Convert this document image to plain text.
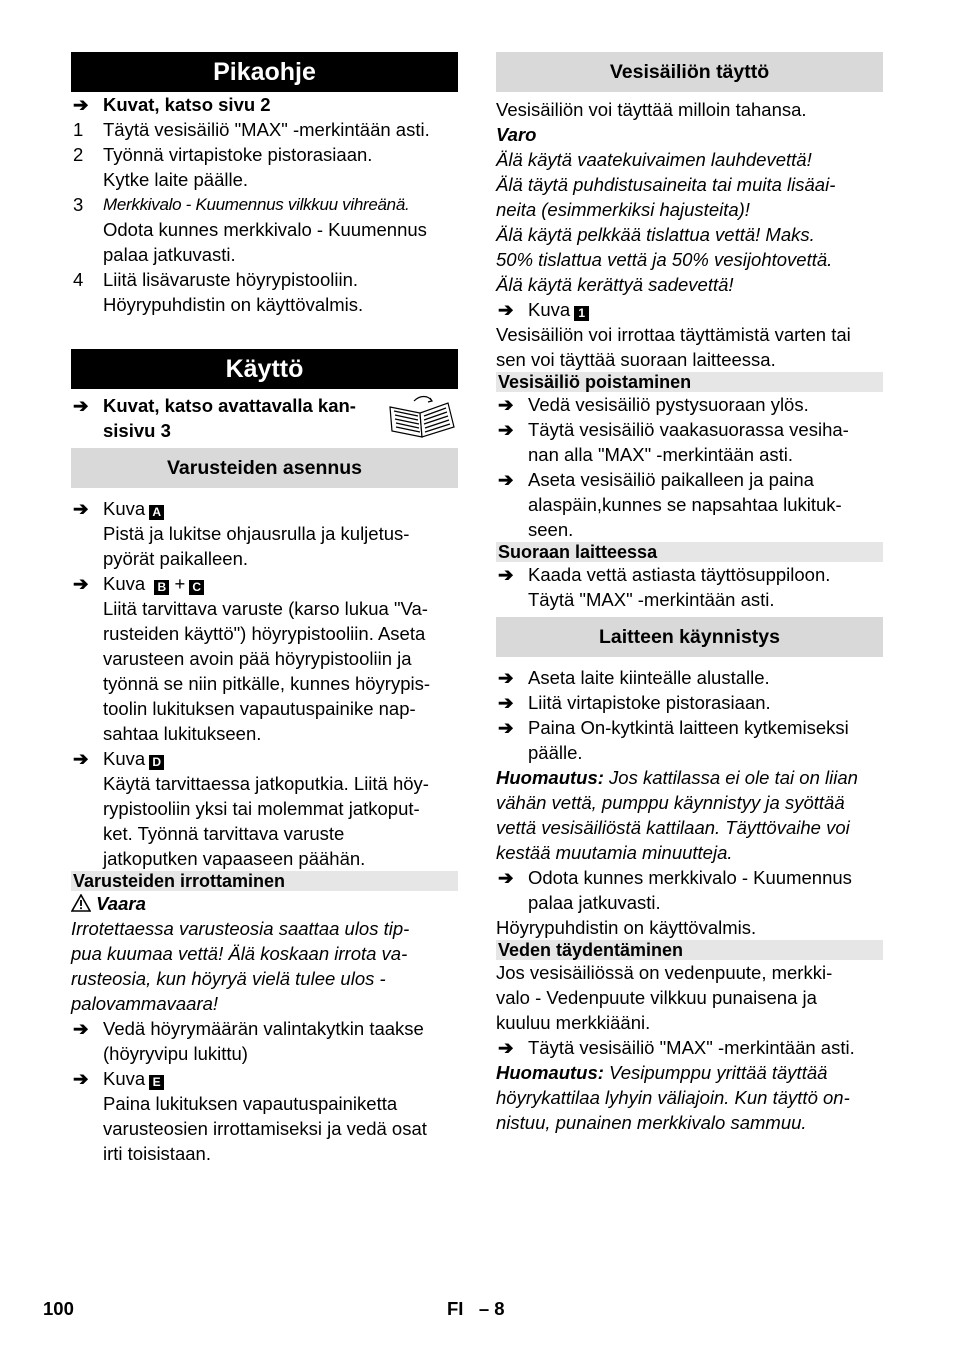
Pikaohje
➔ Kuvat, katso sivu 2
1 Täytä vesisäiliö "MAX" -merkintään asti.
2 Työnnä virtapistoke pistorasiaan.
Kytke laite päälle.
3 Merkkivalo - Kuumennus vilkkuu vihreänä.
Odota kunnes merkkivalo - Kuumennus
palaa jatkuvasti.
4 Liitä lisävaruste höyrypistooliin.
Höyrypuhdistin on käyttövalmis.
Käyttö
➔ Kuvat, katso avattavalla kan-
sisivu 3
Varusteiden asennus
➔ Kuva A
Pistä ja lukitse ohjausrulla ja kuljetus-
pyörät paikalleen.
➔ Kuva B + C
Liitä tarvittava varuste (karso lukua "Va-
rusteiden käyttö") höyrypistooliin. Aseta
varusteen avoin pää höyrypistooliin ja
työnnä se niin pitkälle, kunnes höyrypis-
toolin lukituksen vapautuspainike nap-
sahtaa lukitukseen.
➔ Kuva D
Käytä tarvittaessa jatkoputkia. Liitä höy-
rypistooliin yksi tai molemmat jatkoput-
ket. Työnnä tarvittava varuste
jatkoputken vapaaseen päähän.
Varusteiden irrottaminen
Vaara
Irrotettaessa varusteosia saattaa ulos tip-
pua kuumaa vettä! Älä koskaan irrota va-
rusteosia, kun höyryä vielä tulee ulos -
palovammavaara!
➔ Vedä höyrymäärän valintakytkin taakse
(höyryvipu lukittu)
➔ Kuva E
Paina lukituksen vapautuspainiketta
varusteosien irrottamiseksi ja vedä osat
irti toisistaan.
Vesisäiliön täyttö
Vesisäiliön voi täyttää milloin tahansa.
Varo
Älä käytä vaatekuivaimen lauhdevettä!
Älä täytä puhdistusaineita tai muita lisäai-
neita (esimmerkiksi hajusteita)!
Älä käytä pelkkää tislattua vettä! Maks.
50% tislattua vettä ja 50% vesijohtovettä.
Älä käytä kerättyä sadevettä!
➔ Kuva 1
Vesisäiliön voi irrottaa täyttämistä varten tai
sen voi täyttää suoraan laitteessa.
Vesisäiliö poistaminen
➔ Vedä vesisäiliö pystysuoraan ylös.
➔ Täytä vesisäiliö vaakasuorassa vesiha-
nan alla "MAX" -merkintään asti.
➔ Aseta vesisäiliö paikalleen ja paina
alaspäin,kunnes se napsahtaa lukituk-
seen.
Suoraan laitteessa
➔ Kaada vettä astiasta täyttösuppiloon.
Täytä "MAX" -merkintään asti.
Laitteen käynnistys
➔ Aseta laite kiinteälle alustalle.
➔ Liitä virtapistoke pistorasiaan.
➔ Paina On-kytkintä laitteen kytkemiseksi
päälle.
Huomautus: Jos kattilassa ei ole tai on liian
vähän vettä, pumppu käynnistyy ja syöttää
vettä vesisäiliöstä kattilaan. Täyttövaihe voi
kestää muutamia minuutteja.
➔ Odota kunnes merkkivalo - Kuumennus
palaa jatkuvasti.
Höyrypuhdistin on käyttövalmis.
Veden täydentäminen
Jos vesisäiliössä on vedenpuute, merkki-
valo - Vedenpuute vilkkuu punaisena ja
kuuluu merkkiääni.
➔ Täytä vesisäiliö "MAX" -merkintään asti.
Huomautus: Vesipumppu yrittää täyttää
höyrykattilaa lyhyin väliajoin. Kun täyttö on-
nistuu, punainen merkkivalo sammuu.
100	FI   – 8
